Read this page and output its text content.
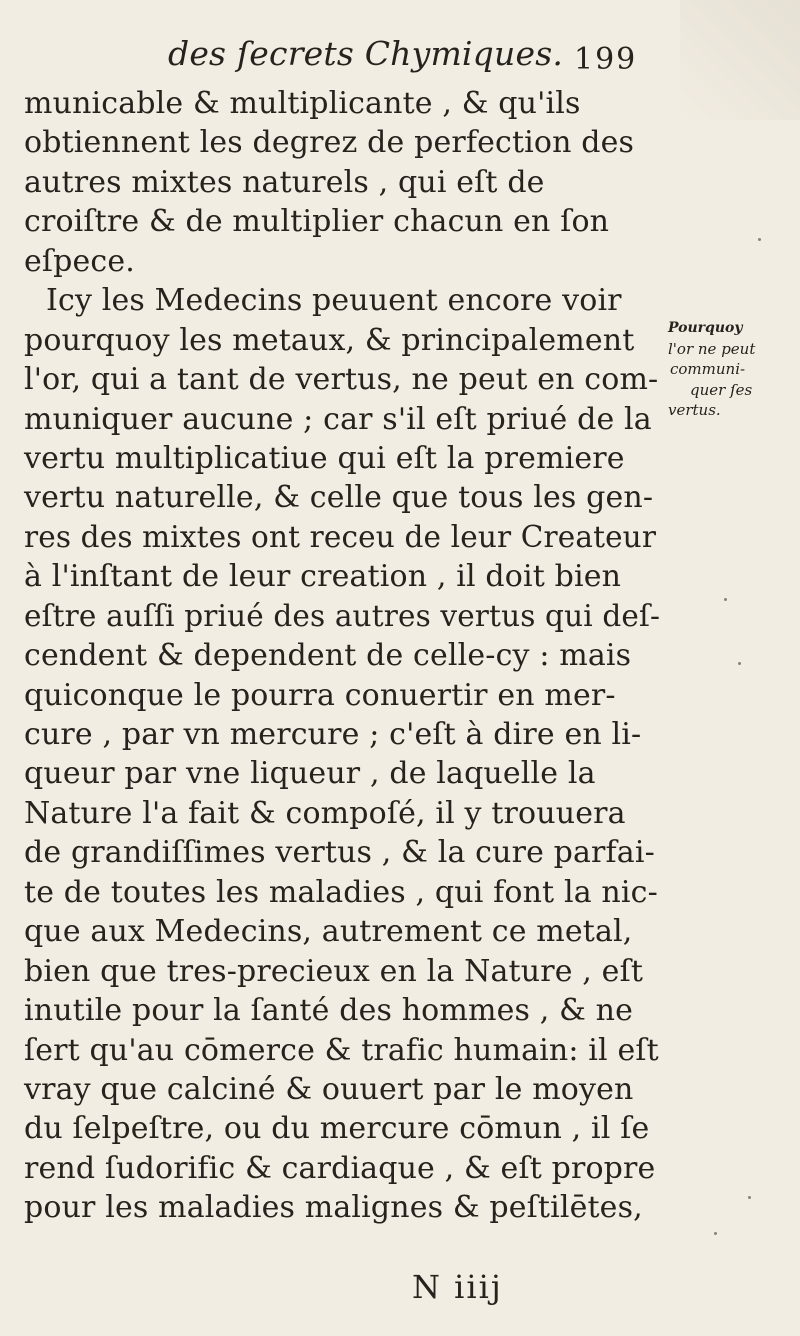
des ſecrets Chymiques. 199
municable & multiplicante , & qu'ils
obtiennent les degrez de perfection des
autres mixtes naturels , qui eſt de
croiſtre & de multiplier chacun en ſon
eſpece.
Icy les Medecins peuuent encore voir
pourquoy les metaux, & principalement
l'or, qui a tant de vertus, ne peut en com-
muniquer aucune ; car s'il eſt priué de la
vertu multiplicatiue qui eſt la premiere
vertu naturelle, & celle que tous les gen-
res des mixtes ont receu de leur Createur
à l'inſtant de leur creation , il doit bien
eſtre auſſi priué des autres vertus qui deſ-
cendent & dependent de celle-cy : mais
quiconque le pourra conuertir en mer-
cure , par vn mercure ; c'eſt à dire en li-
queur par vne liqueur , de laquelle la
Nature l'a fait & compoſé, il y trouuera
de grandiſſimes vertus , & la cure parfai-
te de toutes les maladies , qui font la nic-
que aux Medecins, autrement ce metal,
bien que tres-precieux en la Nature , eſt
inutile pour la ſanté des hommes , & ne
ſert qu'au cōmerce & trafic humain: il eſt
vray que calciné & ouuert par le moyen
du ſelpeſtre, ou du mercure cōmun , il ſe
rend ſudorific & cardiaque , & eſt propre
pour les maladies malignes & peſtilētes,
Pourquoy
l'or ne peut
communi-
quer ſes
vertus.
N iiij
